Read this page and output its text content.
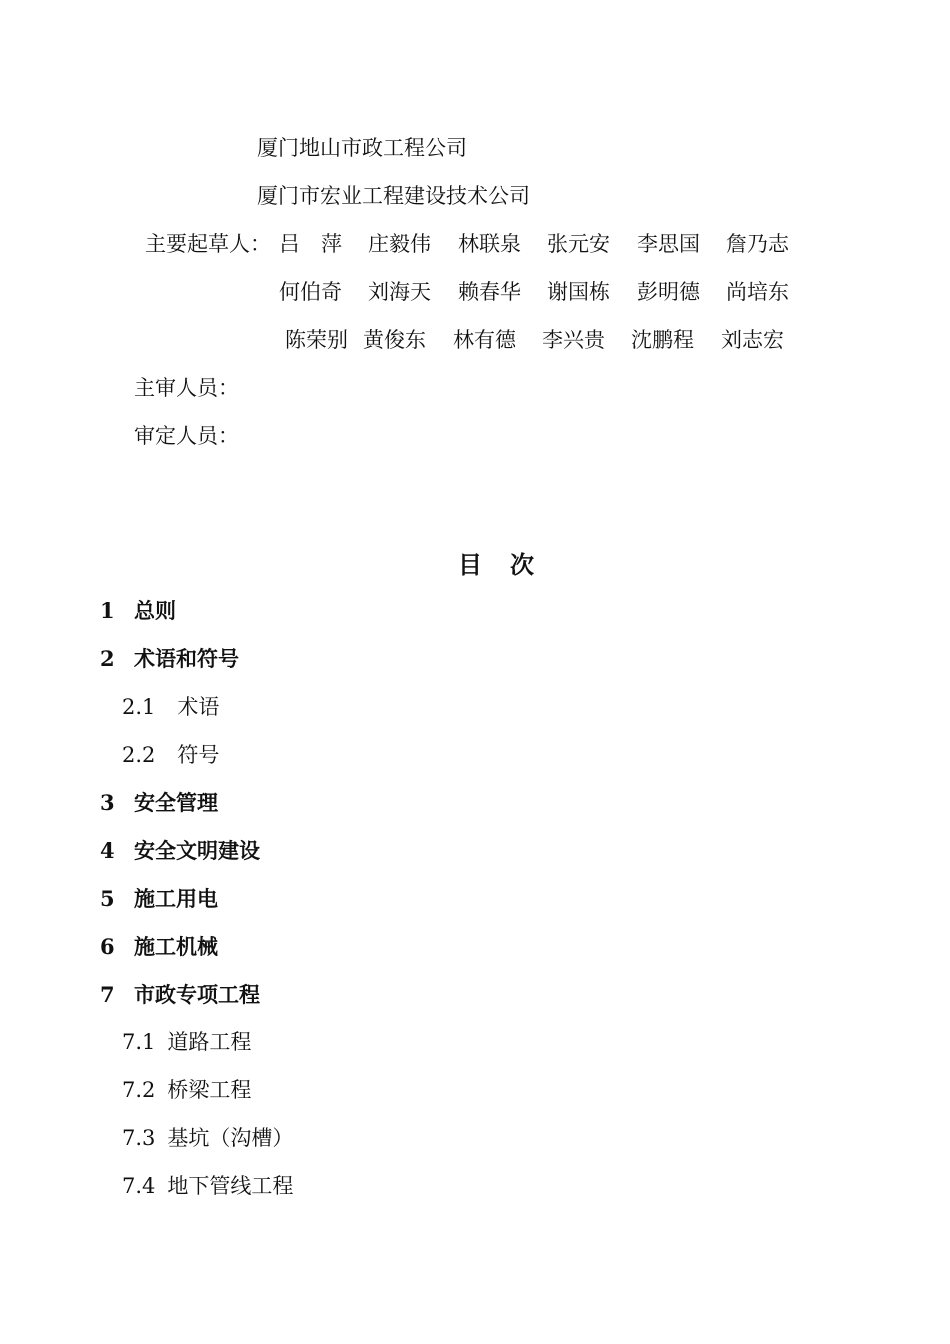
厦门地山市政工程公司
厦门市宏业工程建设技术公司
主要起草人： 吕　萍 庄毅伟 林联泉 张元安 李思国 詹乃志
何伯奇 刘海天 赖春华 谢国栋 彭明德 尚培东
陈荣别 黄俊东 林有德 李兴贵 沈鹏程 刘志宏
主审人员：
审定人员：
目　次
1 总则
2 术语和符号
2.1 术语
2.2 符号
3 安全管理
4 安全文明建设
5 施工用电
6 施工机械
7 市政专项工程
7.1 道路工程
7.2 桥梁工程
7.3 基坑（沟槽）
7.4 地下管线工程
